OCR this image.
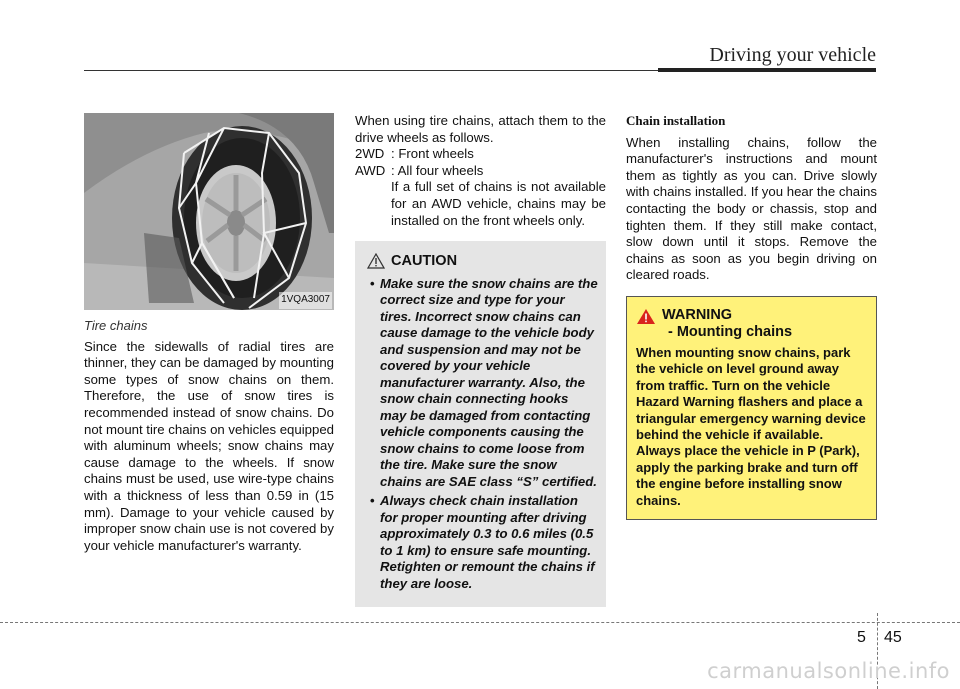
Driving your vehicle
1VQA3007
Tire chains

Since the sidewalls of radial tires are thinner, they can be damaged by mounting some types of snow chains on them. Therefore, the use of snow tires is recommended instead of snow chains. Do not mount tire chains on vehicles equipped with aluminum wheels; snow chains may cause damage to the wheels. If snow chains must be used, use wire-type chains with a thickness of less than 0.59 in (15 mm). Damage to your vehicle caused by improper snow chain use is not covered by your vehicle manufacturer's warranty.

When using tire chains, attach them to the drive wheels as follows.

2WD : Front wheels
AWD : All four wheels
If a full set of chains is not available for an AWD vehicle, chains may be installed on the front wheels only.
CAUTION
• Make sure the snow chains are the correct size and type for your tires. Incorrect snow chains can cause damage to the vehicle body and suspension and may not be covered by your vehicle manufacturer warranty. Also, the snow chain connecting hooks may be damaged from contacting vehicle components causing the snow chains to come loose from the tire. Make sure the snow chains are SAE class “S” certified.
• Always check chain installation for proper mounting after driving approximately 0.3 to 0.6 miles (0.5 to 1 km) to ensure safe mounting. Retighten or remount the chains if they are loose.
Chain installation

When installing chains, follow the manufacturer's instructions and mount them as tightly as you can. Drive slowly with chains installed. If you hear the chains contacting the body or chassis, stop and tighten them. If they still make contact, slow down until it stops. Remove the chains as soon as you begin driving on cleared roads.

WARNING
- Mounting chains
When mounting snow chains, park the vehicle on level ground away from traffic. Turn on the vehicle Hazard Warning flashers and place a triangular emergency warning device behind the vehicle if available. Always place the vehicle in P (Park), apply the parking brake and turn off the engine before installing snow chains.
5 45
carmanualsonline.info
